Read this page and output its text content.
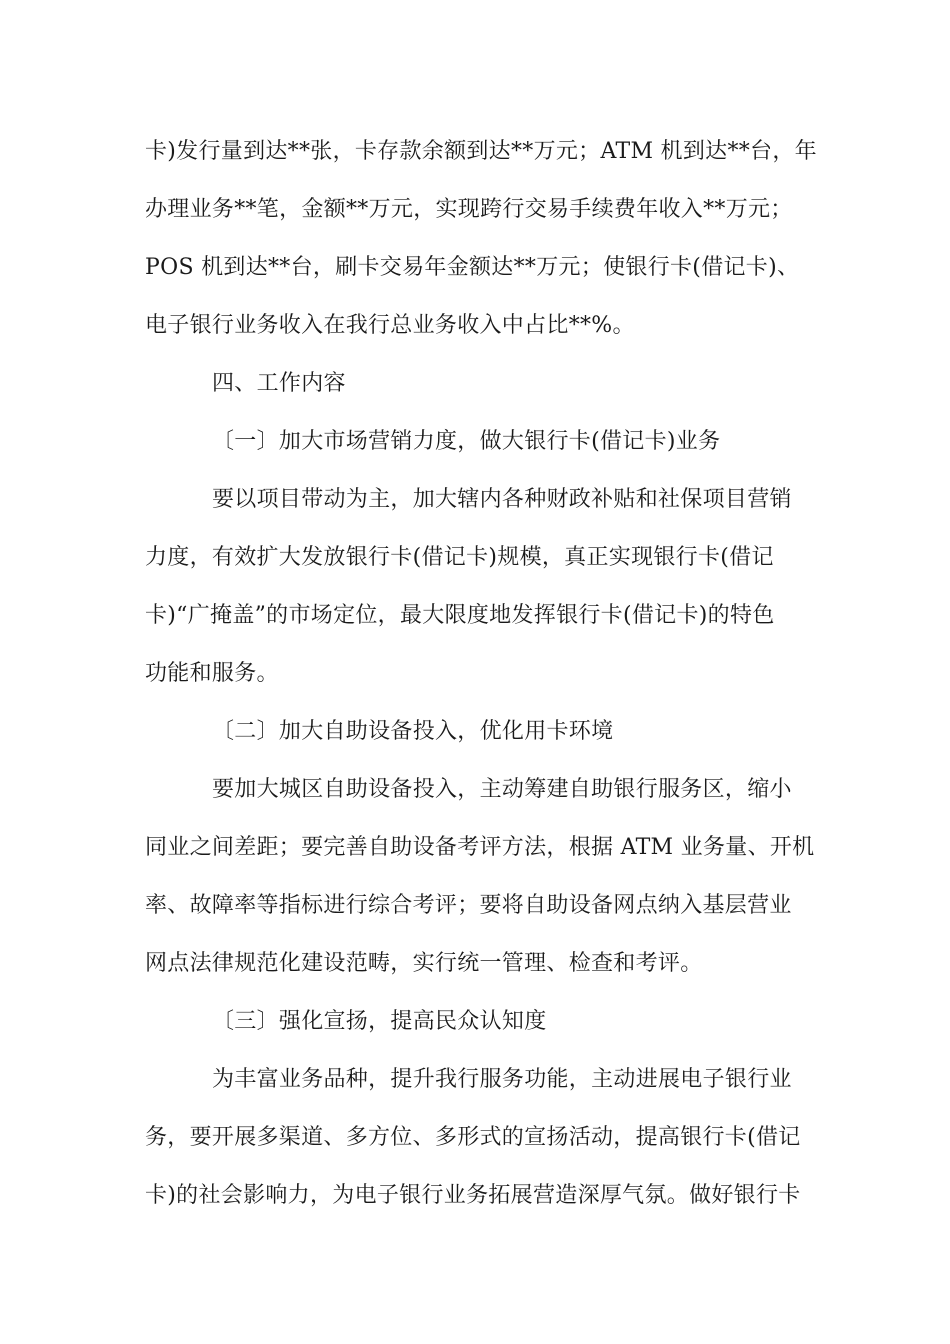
卡)发行量到达**张，卡存款余额到达**万元；ATM 机到达**台，年
办理业务**笔，金额**万元，实现跨行交易手续费年收入**万元；
POS 机到达**台，刷卡交易年金额达**万元；使银行卡(借记卡)、
电子银行业务收入在我行总业务收入中占比**%。
四、工作内容
〔一〕加大市场营销力度，做大银行卡(借记卡)业务
要以项目带动为主，加大辖内各种财政补贴和社保项目营销
力度，有效扩大发放银行卡(借记卡)规模，真正实现银行卡(借记
卡)“广掩盖”的市场定位，最大限度地发挥银行卡(借记卡)的特色
功能和服务。
〔二〕加大自助设备投入，优化用卡环境
要加大城区自助设备投入，主动筹建自助银行服务区，缩小
同业之间差距；要完善自助设备考评方法，根据 ATM 业务量、开机
率、故障率等指标进行综合考评；要将自助设备网点纳入基层营业
网点法律规范化建设范畴，实行统一管理、检查和考评。
〔三〕强化宣扬，提高民众认知度
为丰富业务品种，提升我行服务功能，主动进展电子银行业
务，要开展多渠道、多方位、多形式的宣扬活动，提高银行卡(借记
卡)的社会影响力，为电子银行业务拓展营造深厚气氛。做好银行卡
